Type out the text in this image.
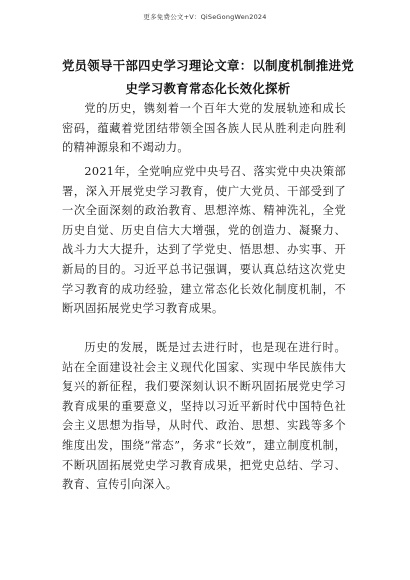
更多免费公文+V：QiSeGongWen2024
党员领导干部四史学习理论文章：以制度机制推进党史学习教育常态化长效化探析

党的历史，镌刻着一个百年大党的发展轨迹和成长密码，蕴藏着党团结带领全国各族人民从胜利走向胜利的精神源泉和不竭动力。

2021年，全党响应党中央号召、落实党中央决策部署，深入开展党史学习教育，使广大党员、干部受到了一次全面深刻的政治教育、思想淬炼、精神洗礼，全党历史自觉、历史自信大大增强，党的创造力、凝聚力、战斗力大大提升，达到了学党史、悟思想、办实事、开新局的目的。习近平总书记强调，要认真总结这次党史学习教育的成功经验，建立常态化长效化制度机制，不断巩固拓展党史学习教育成果。

历史的发展，既是过去进行时，也是现在进行时。站在全面建设社会主义现代化国家、实现中华民族伟大复兴的新征程，我们要深刻认识不断巩固拓展党史学习教育成果的重要意义，坚持以习近平新时代中国特色社会主义思想为指导，从时代、政治、思想、实践等多个维度出发，围绕“常态”，务求“长效”，建立制度机制，不断巩固拓展党史学习教育成果，把党史总结、学习、教育、宣传引向深入。
